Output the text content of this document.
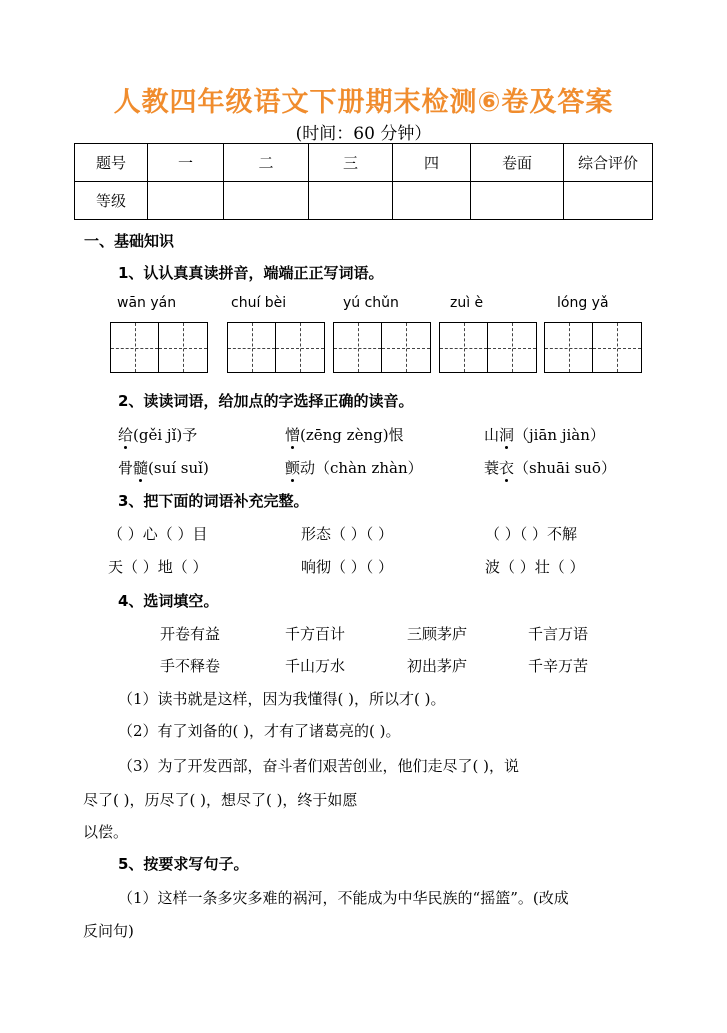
人教四年级语文下册期末检测⑥卷及答案
(时间：60 分钟）
题号	一	二	三	四	卷面	综合评价
等级						
一、基础知识
1、认认真真读拼音，端端正正写词语。
wān yán	chuí bèi	yú chǔn	zuì è	lóng yǎ
2、读读词语，给加点的字选择正确的读音。
给(gěi jǐ)予	憎(zēng zèng)恨	山洞（jiān jiàn）
骨髓(suí suǐ)	颤动（chàn zhàn）	蓑衣（shuāi suō）
3、把下面的词语补充完整。
（ ）心（ ）目	形态（ ）（ ）	（ ）（ ）不解
天（ ）地（ ）	响彻（ ）（ ）	波（ ）壮（ ）
4、选词填空。
开卷有益	千方百计	三顾茅庐	千言万语
手不释卷	千山万水	初出茅庐	千辛万苦
（1）读书就是这样，因为我懂得( )，所以才( )。
（2）有了刘备的( )，才有了诸葛亮的( )。
（3）为了开发西部，奋斗者们艰苦创业，他们走尽了( )，说
尽了( )，历尽了( )，想尽了( )，终于如愿
以偿。
5、按要求写句子。
（1）这样一条多灾多难的祸河，不能成为中华民族的“摇篮”。(改成
反问句)
